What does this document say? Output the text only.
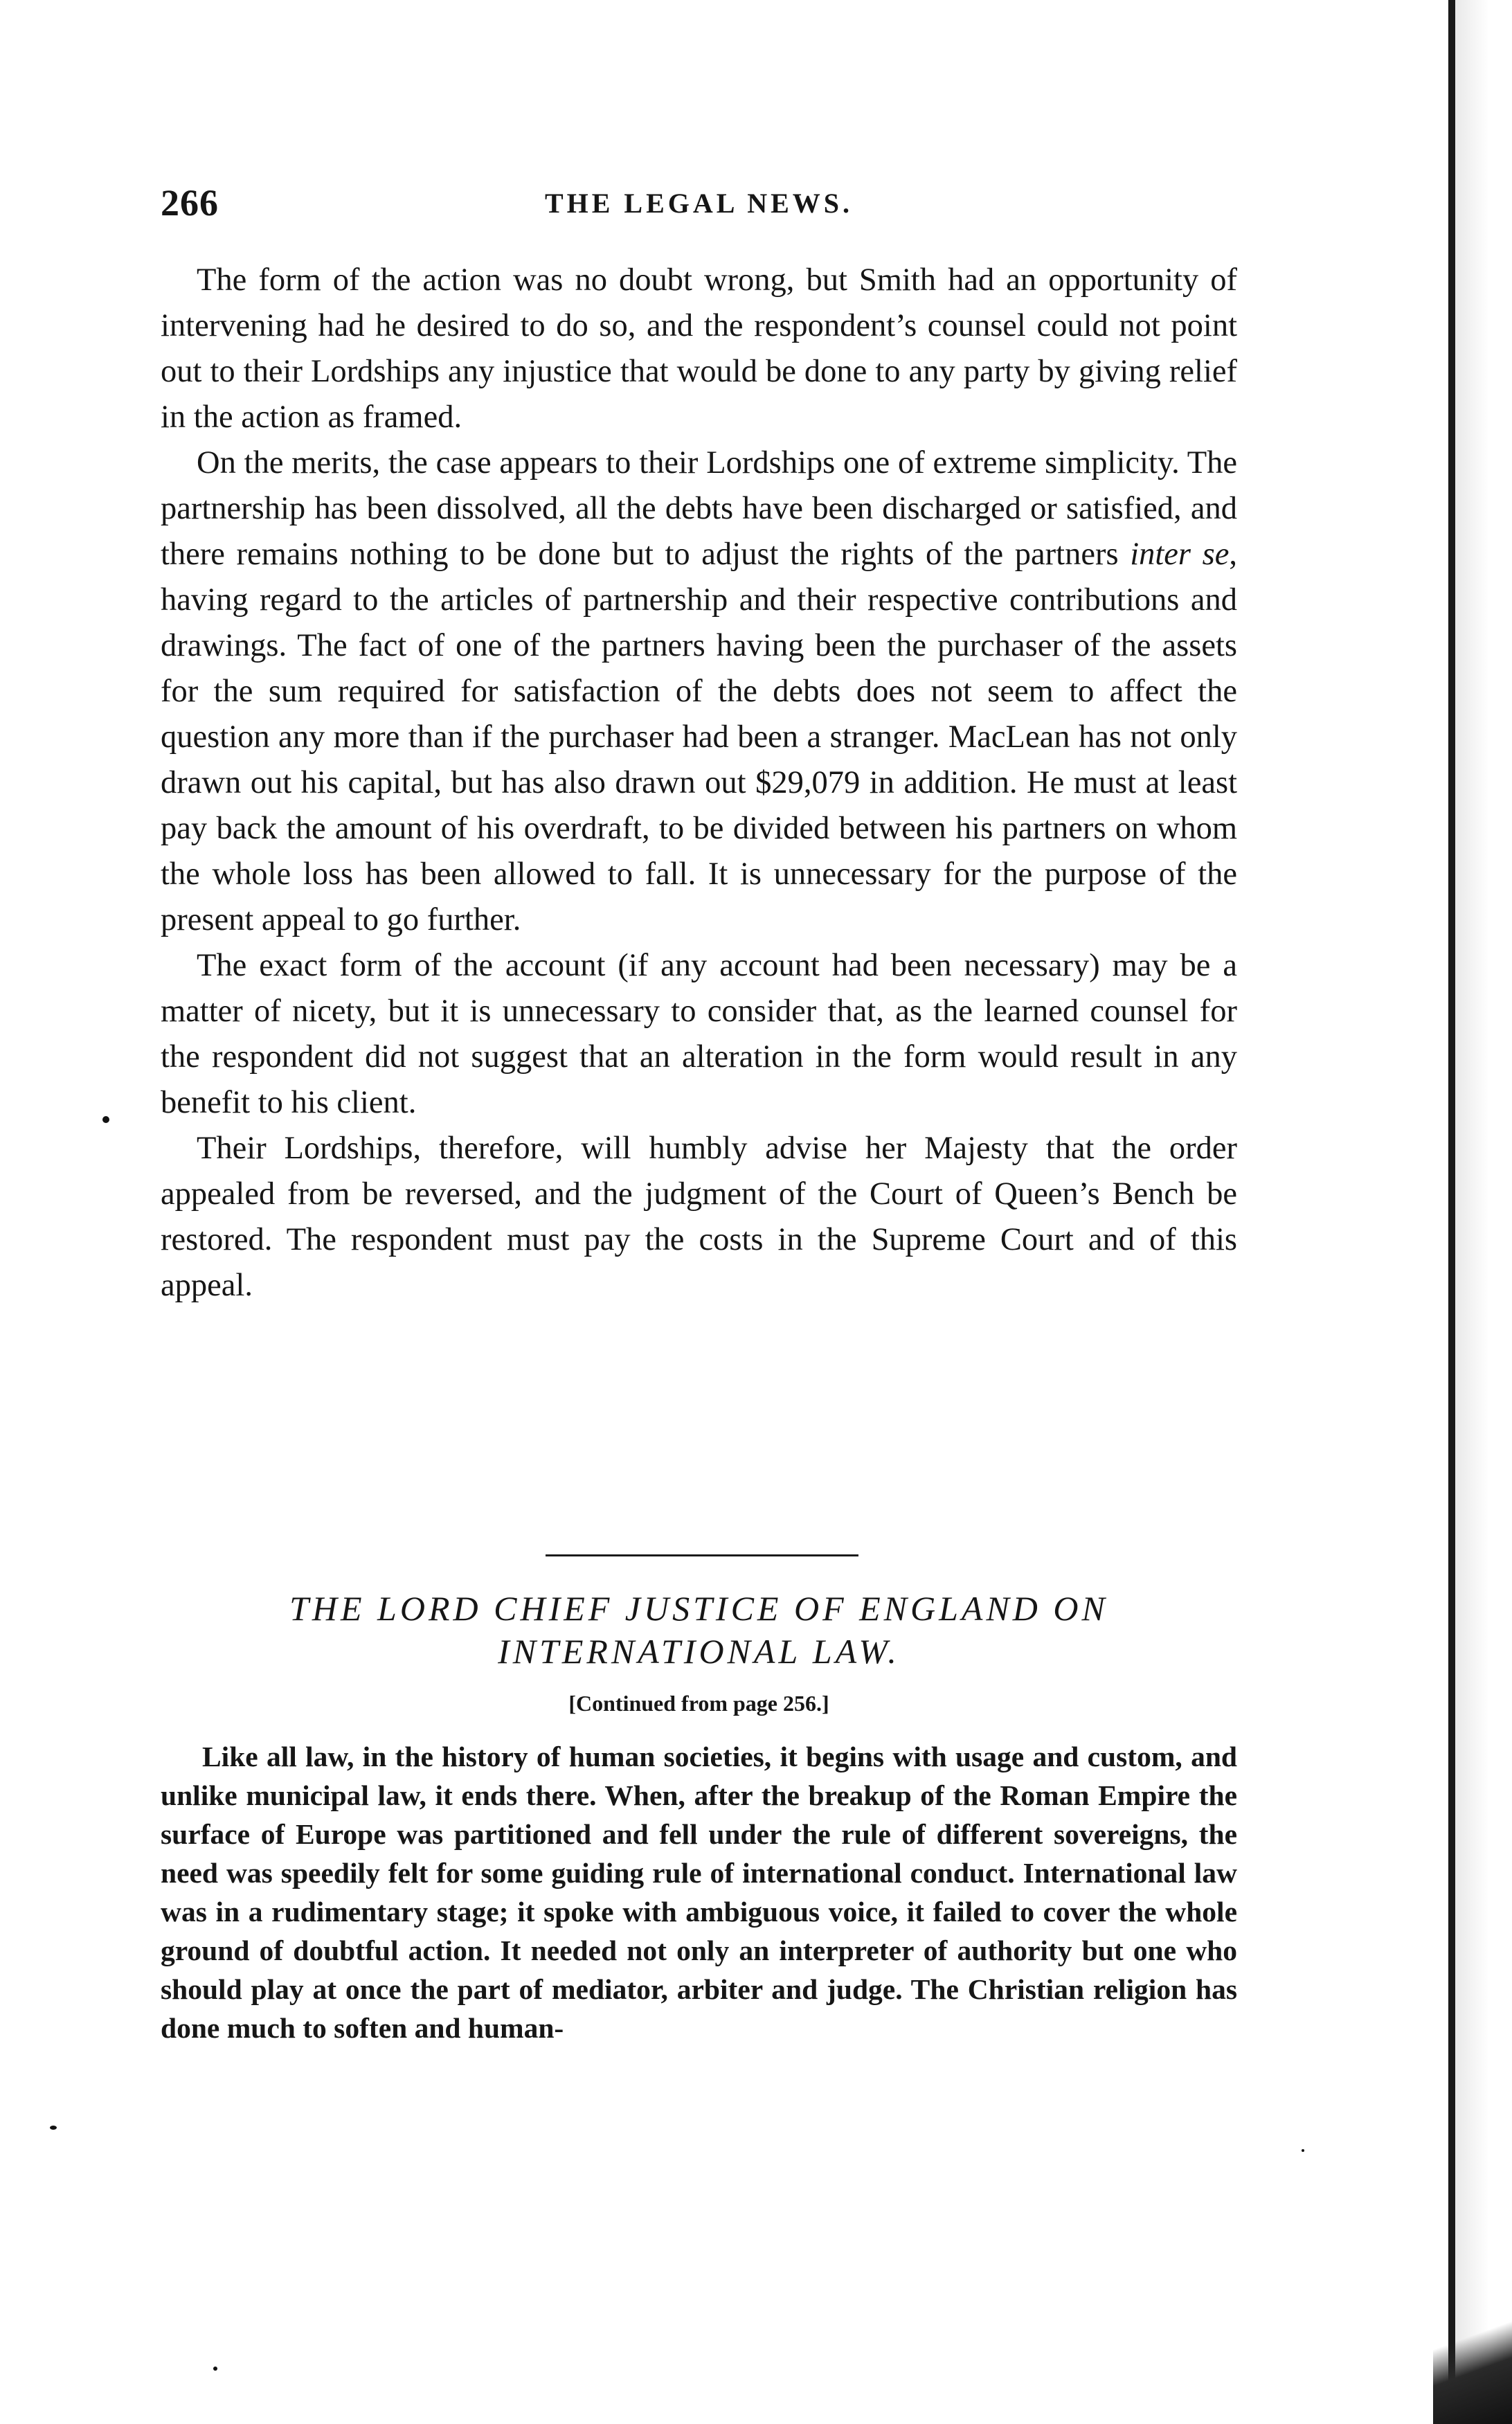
266	THE LEGAL NEWS.

The form of the action was no doubt wrong, but Smith had an opportunity of intervening had he desired to do so, and the respondent’s counsel could not point out to their Lordships any injustice that would be done to any party by giving relief in the action as framed.

On the merits, the case appears to their Lordships one of extreme simplicity. The partnership has been dissolved, all the debts have been discharged or satisfied, and there remains nothing to be done but to adjust the rights of the partners inter se, having regard to the articles of partnership and their respective contributions and drawings. The fact of one of the partners having been the purchaser of the assets for the sum required for satisfaction of the debts does not seem to affect the question any more than if the purchaser had been a stranger. MacLean has not only drawn out his capital, but has also drawn out $29,079 in addition. He must at least pay back the amount of his overdraft, to be divided between his partners on whom the whole loss has been allowed to fall. It is unnecessary for the purpose of the present appeal to go further.

The exact form of the account (if any account had been necessary) may be a matter of nicety, but it is unnecessary to consider that, as the learned counsel for the respondent did not suggest that an alteration in the form would result in any benefit to his client.

Their Lordships, therefore, will humbly advise her Majesty that the order appealed from be reversed, and the judgment of the Court of Queen’s Bench be restored. The respondent must pay the costs in the Supreme Court and of this appeal.

THE LORD CHIEF JUSTICE OF ENGLAND ON
INTERNATIONAL LAW.
[Continued from page 256.]

Like all law, in the history of human societies, it begins with usage and custom, and unlike municipal law, it ends there. When, after the breakup of the Roman Empire the surface of Europe was partitioned and fell under the rule of different sovereigns, the need was speedily felt for some guiding rule of international conduct. International law was in a rudimentary stage; it spoke with ambiguous voice, it failed to cover the whole ground of doubtful action. It needed not only an interpreter of authority but one who should play at once the part of mediator, arbiter and judge. The Christian religion has done much to soften and human-
